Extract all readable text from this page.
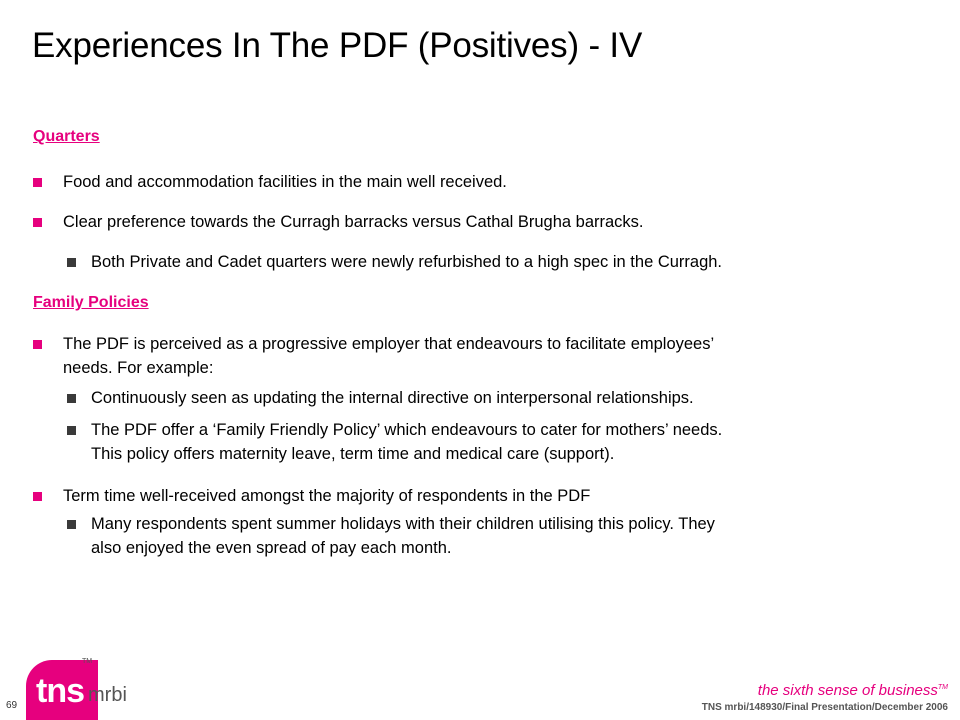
Experiences In The PDF (Positives) - IV
Quarters
Food and accommodation facilities in the main well received.
Clear preference towards the Curragh barracks versus Cathal Brugha barracks.
Both Private and Cadet quarters were newly refurbished to a high spec in the Curragh.
Family Policies
The PDF is perceived as a progressive employer that endeavours to facilitate employees’
needs. For example:
Continuously seen as updating the internal directive on interpersonal relationships.
The PDF offer a ‘Family Friendly Policy’ which endeavours to cater for mothers’ needs.
This policy offers maternity leave, term time and medical care (support).
Term time well-received amongst the majority of respondents in the PDF
Many respondents spent summer holidays with their children utilising this policy. They
also enjoyed the even spread of pay each month.
69 tns
TM
mrbi	the sixth sense of business™
TNS mrbi/148930/Final Presentation/December 2006
